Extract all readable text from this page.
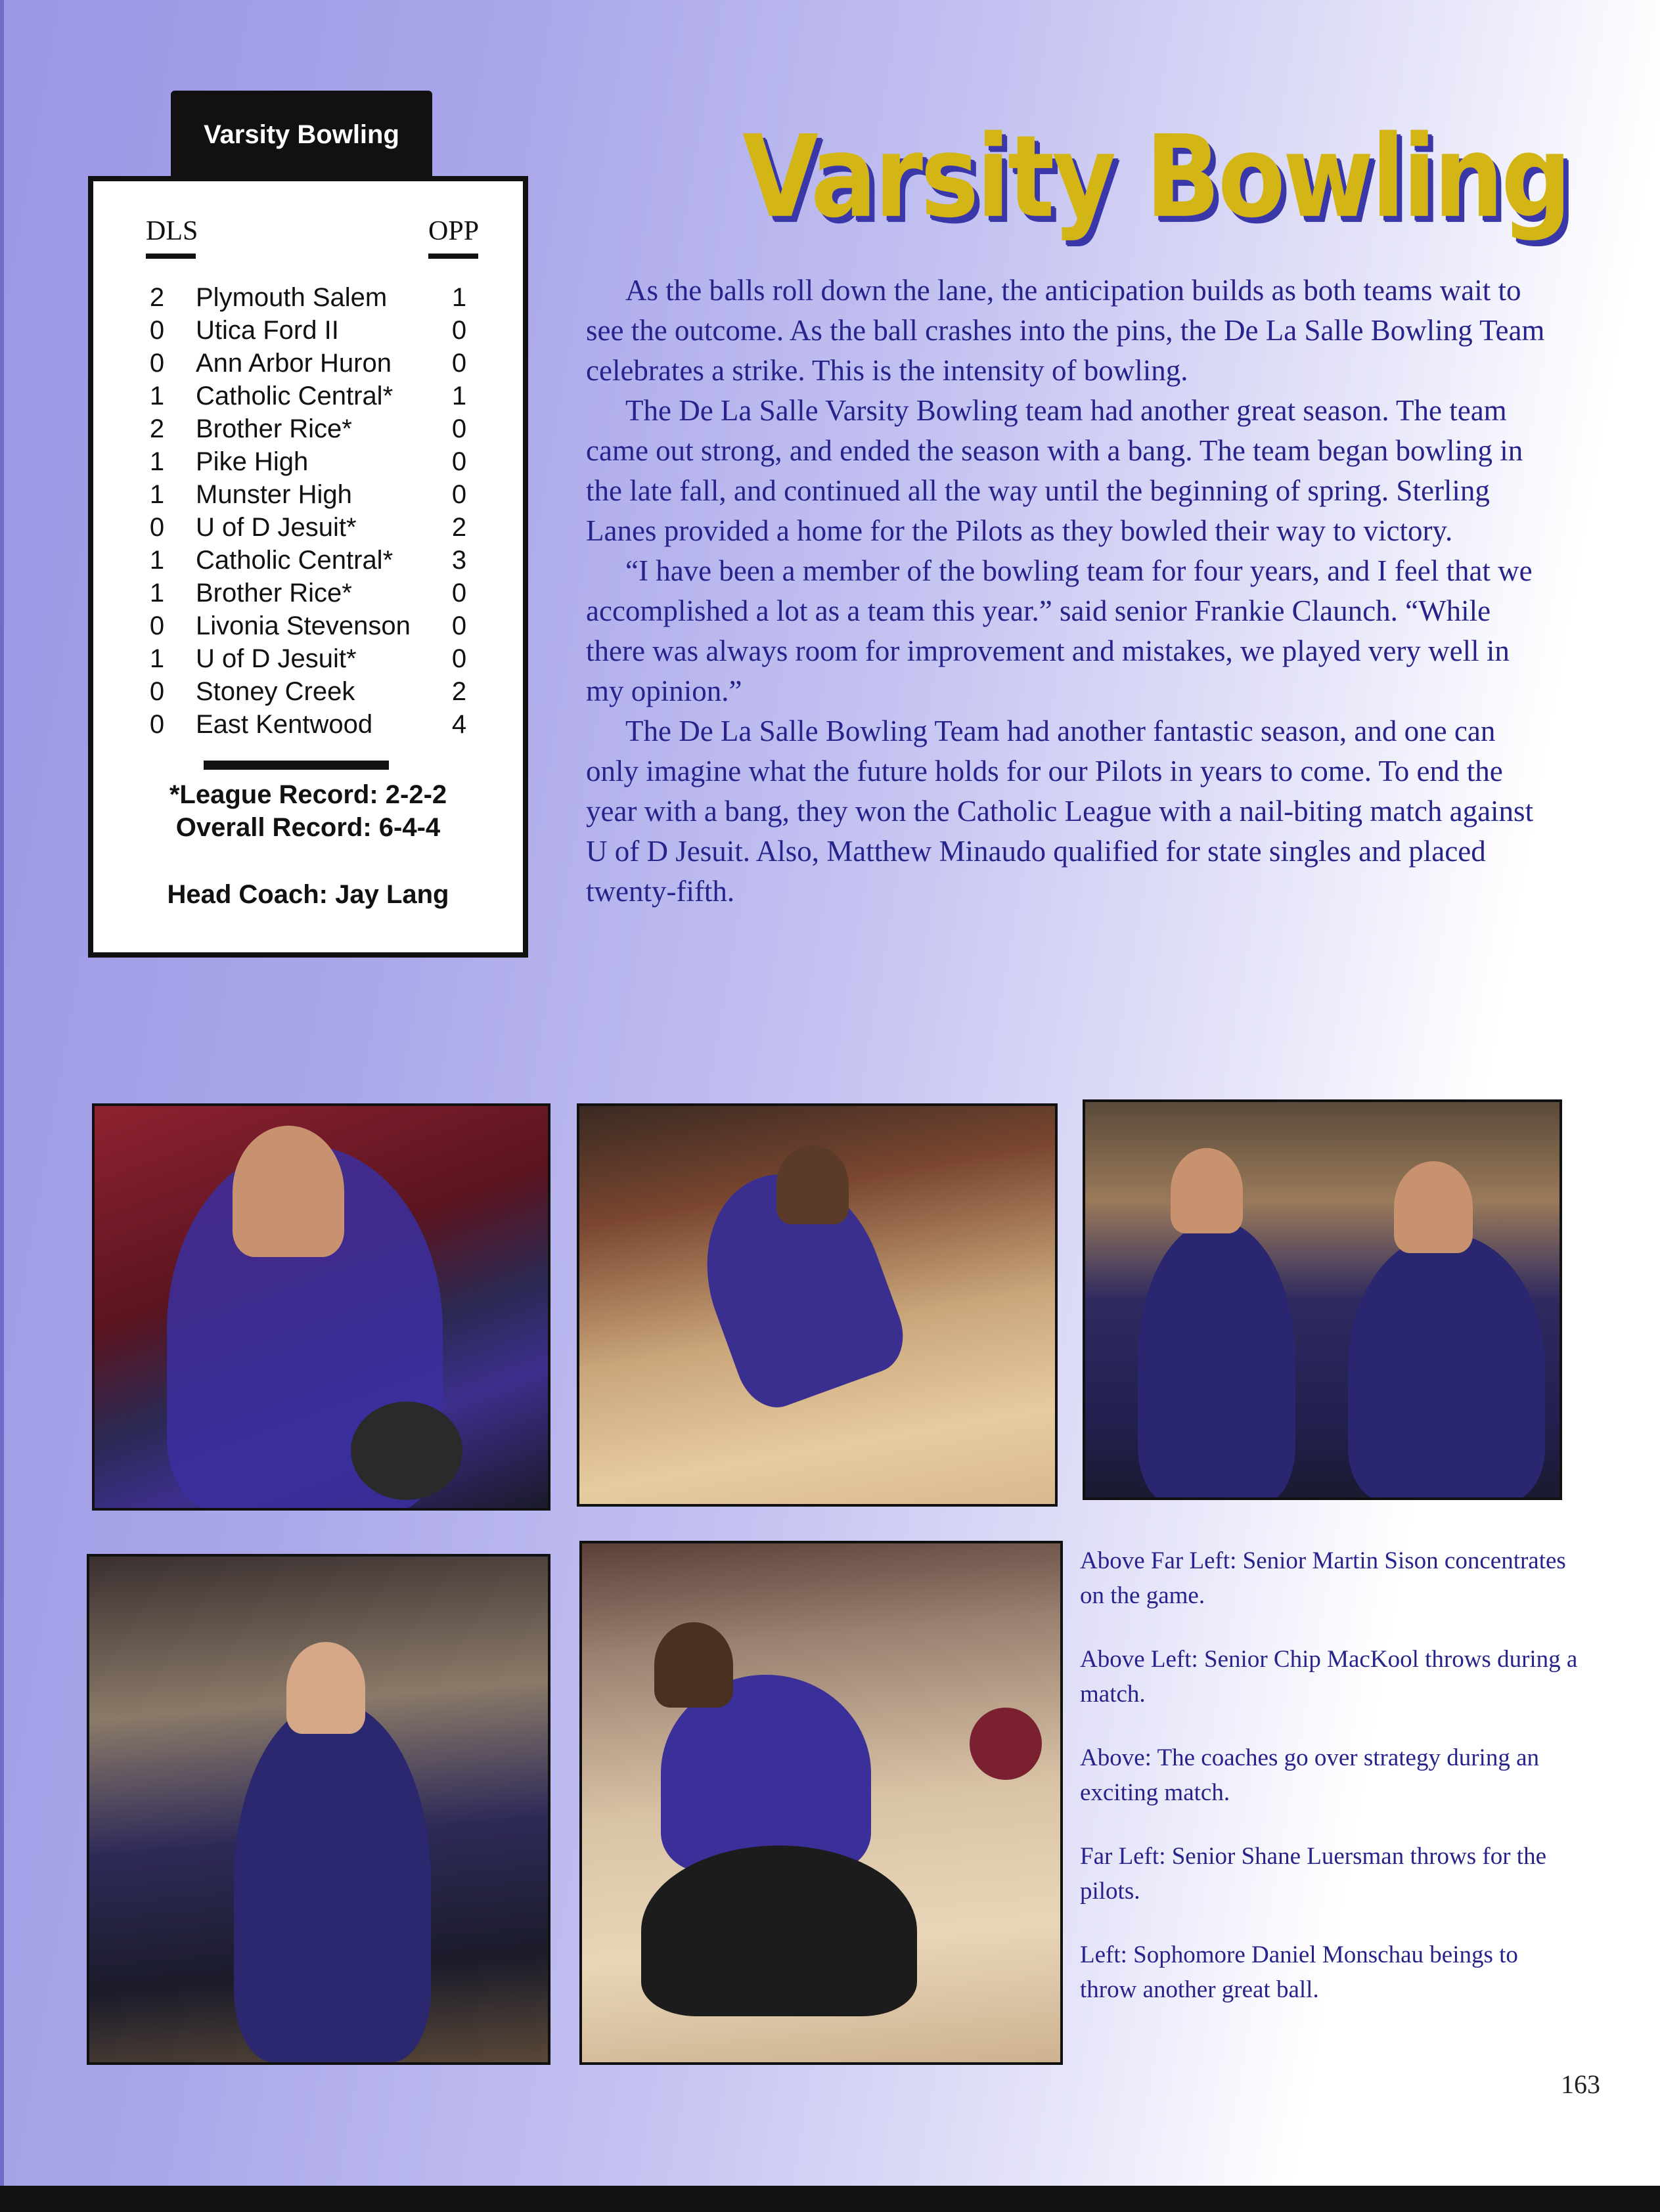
Varsity Bowling
DLS	OPP
2 Plymouth Salem 1
0 Utica Ford II	0
0 Ann Arbor Huron 0
1 Catholic Central* 1
2 Brother Rice*	0
1 Pike High	0
1 Munster High	0
0 U of D Jesuit*	2
1 Catholic Central* 3
1 Brother Rice*	0
0 Livonia Stevenson 0
1 U of D Jesuit*	0
0 Stoney Creek	2
0 East Kentwood	4
*League Record: 2-2-2
Overall Record: 6-4-4
Head Coach: Jay Lang
Varsity Bowling

As the balls roll down the lane, the anticipation builds as both teams wait to see the outcome. As the ball crashes into the pins, the De La Salle Bowling Team celebrates a strike. This is the intensity of bowling.

The De La Salle Varsity Bowling team had another great season. The team came out strong, and ended the season with a bang. The team began bowling in the late fall, and continued all the way until the beginning of spring. Sterling Lanes provided a home for the Pilots as they bowled their way to victory.

“I have been a member of the bowling team for four years, and I feel that we accomplished a lot as a team this year.” said senior Frankie Claunch. “While there was always room for improvement and mistakes, we played very well in my opinion.”

The De La Salle Bowling Team had another fantastic season, and one can only imagine what the future holds for our Pilots in years to come. To end the year with a bang, they won the Catholic League with a nail-biting match against U of D Jesuit. Also, Matthew Minaudo qualified for state singles and placed twenty-fifth.

Above Far Left: Senior Martin Sison concentrates on the game.

Above Left: Senior Chip MacKool throws during a match.

Above: The coaches go over strategy during an exciting match.

Far Left: Senior Shane Luersman throws for the pilots.

Left: Sophomore Daniel Monschau beings to throw another great ball.

163
